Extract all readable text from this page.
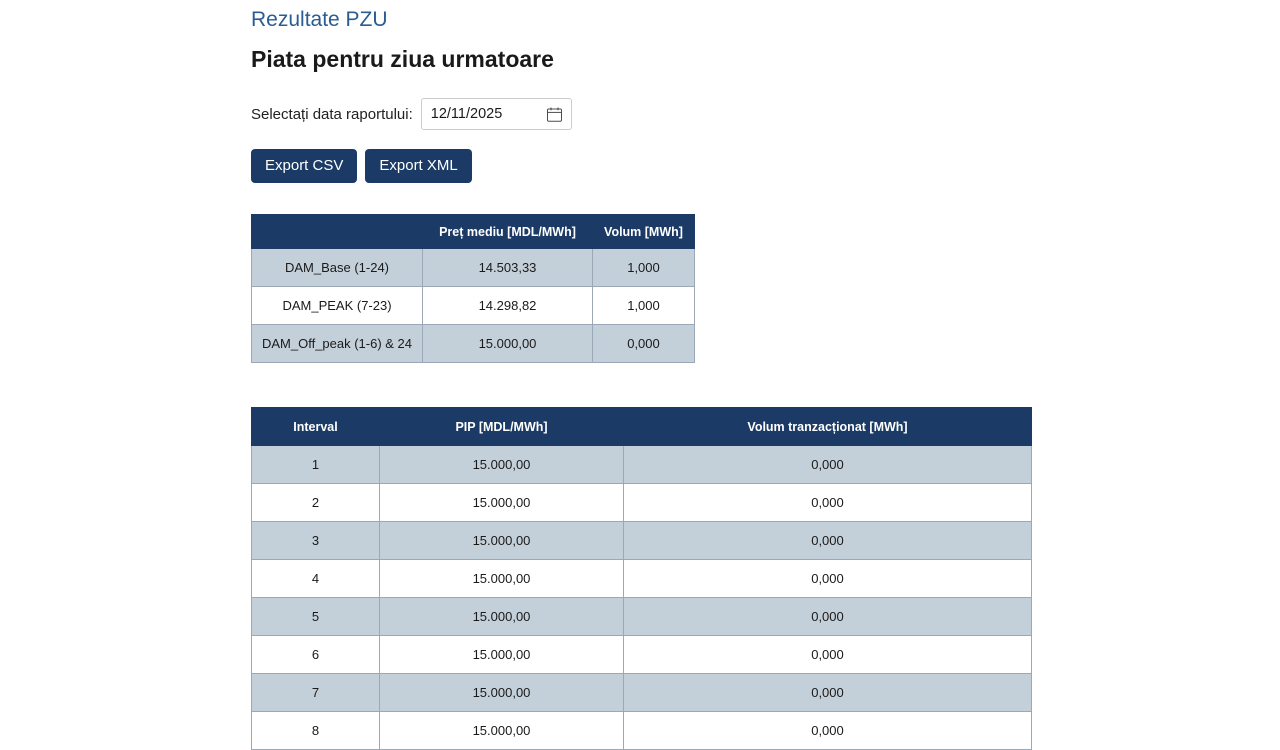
Rezultate PZU
Piata pentru ziua urmatoare
Selectați data raportului: 12/11/2025
Export CSV	Export XML
	Preț mediu [MDL/MWh]	Volum [MWh]
DAM_Base (1-24)	14.503,33	1,000
DAM_PEAK (7-23)	14.298,82	1,000
DAM_Off_peak (1-6) & 24	15.000,00	0,000
Interval	PIP [MDL/MWh]	Volum tranzacționat [MWh]
1	15.000,00	0,000
2	15.000,00	0,000
3	15.000,00	0,000
4	15.000,00	0,000
5	15.000,00	0,000
6	15.000,00	0,000
7	15.000,00	0,000
8	15.000,00	0,000
